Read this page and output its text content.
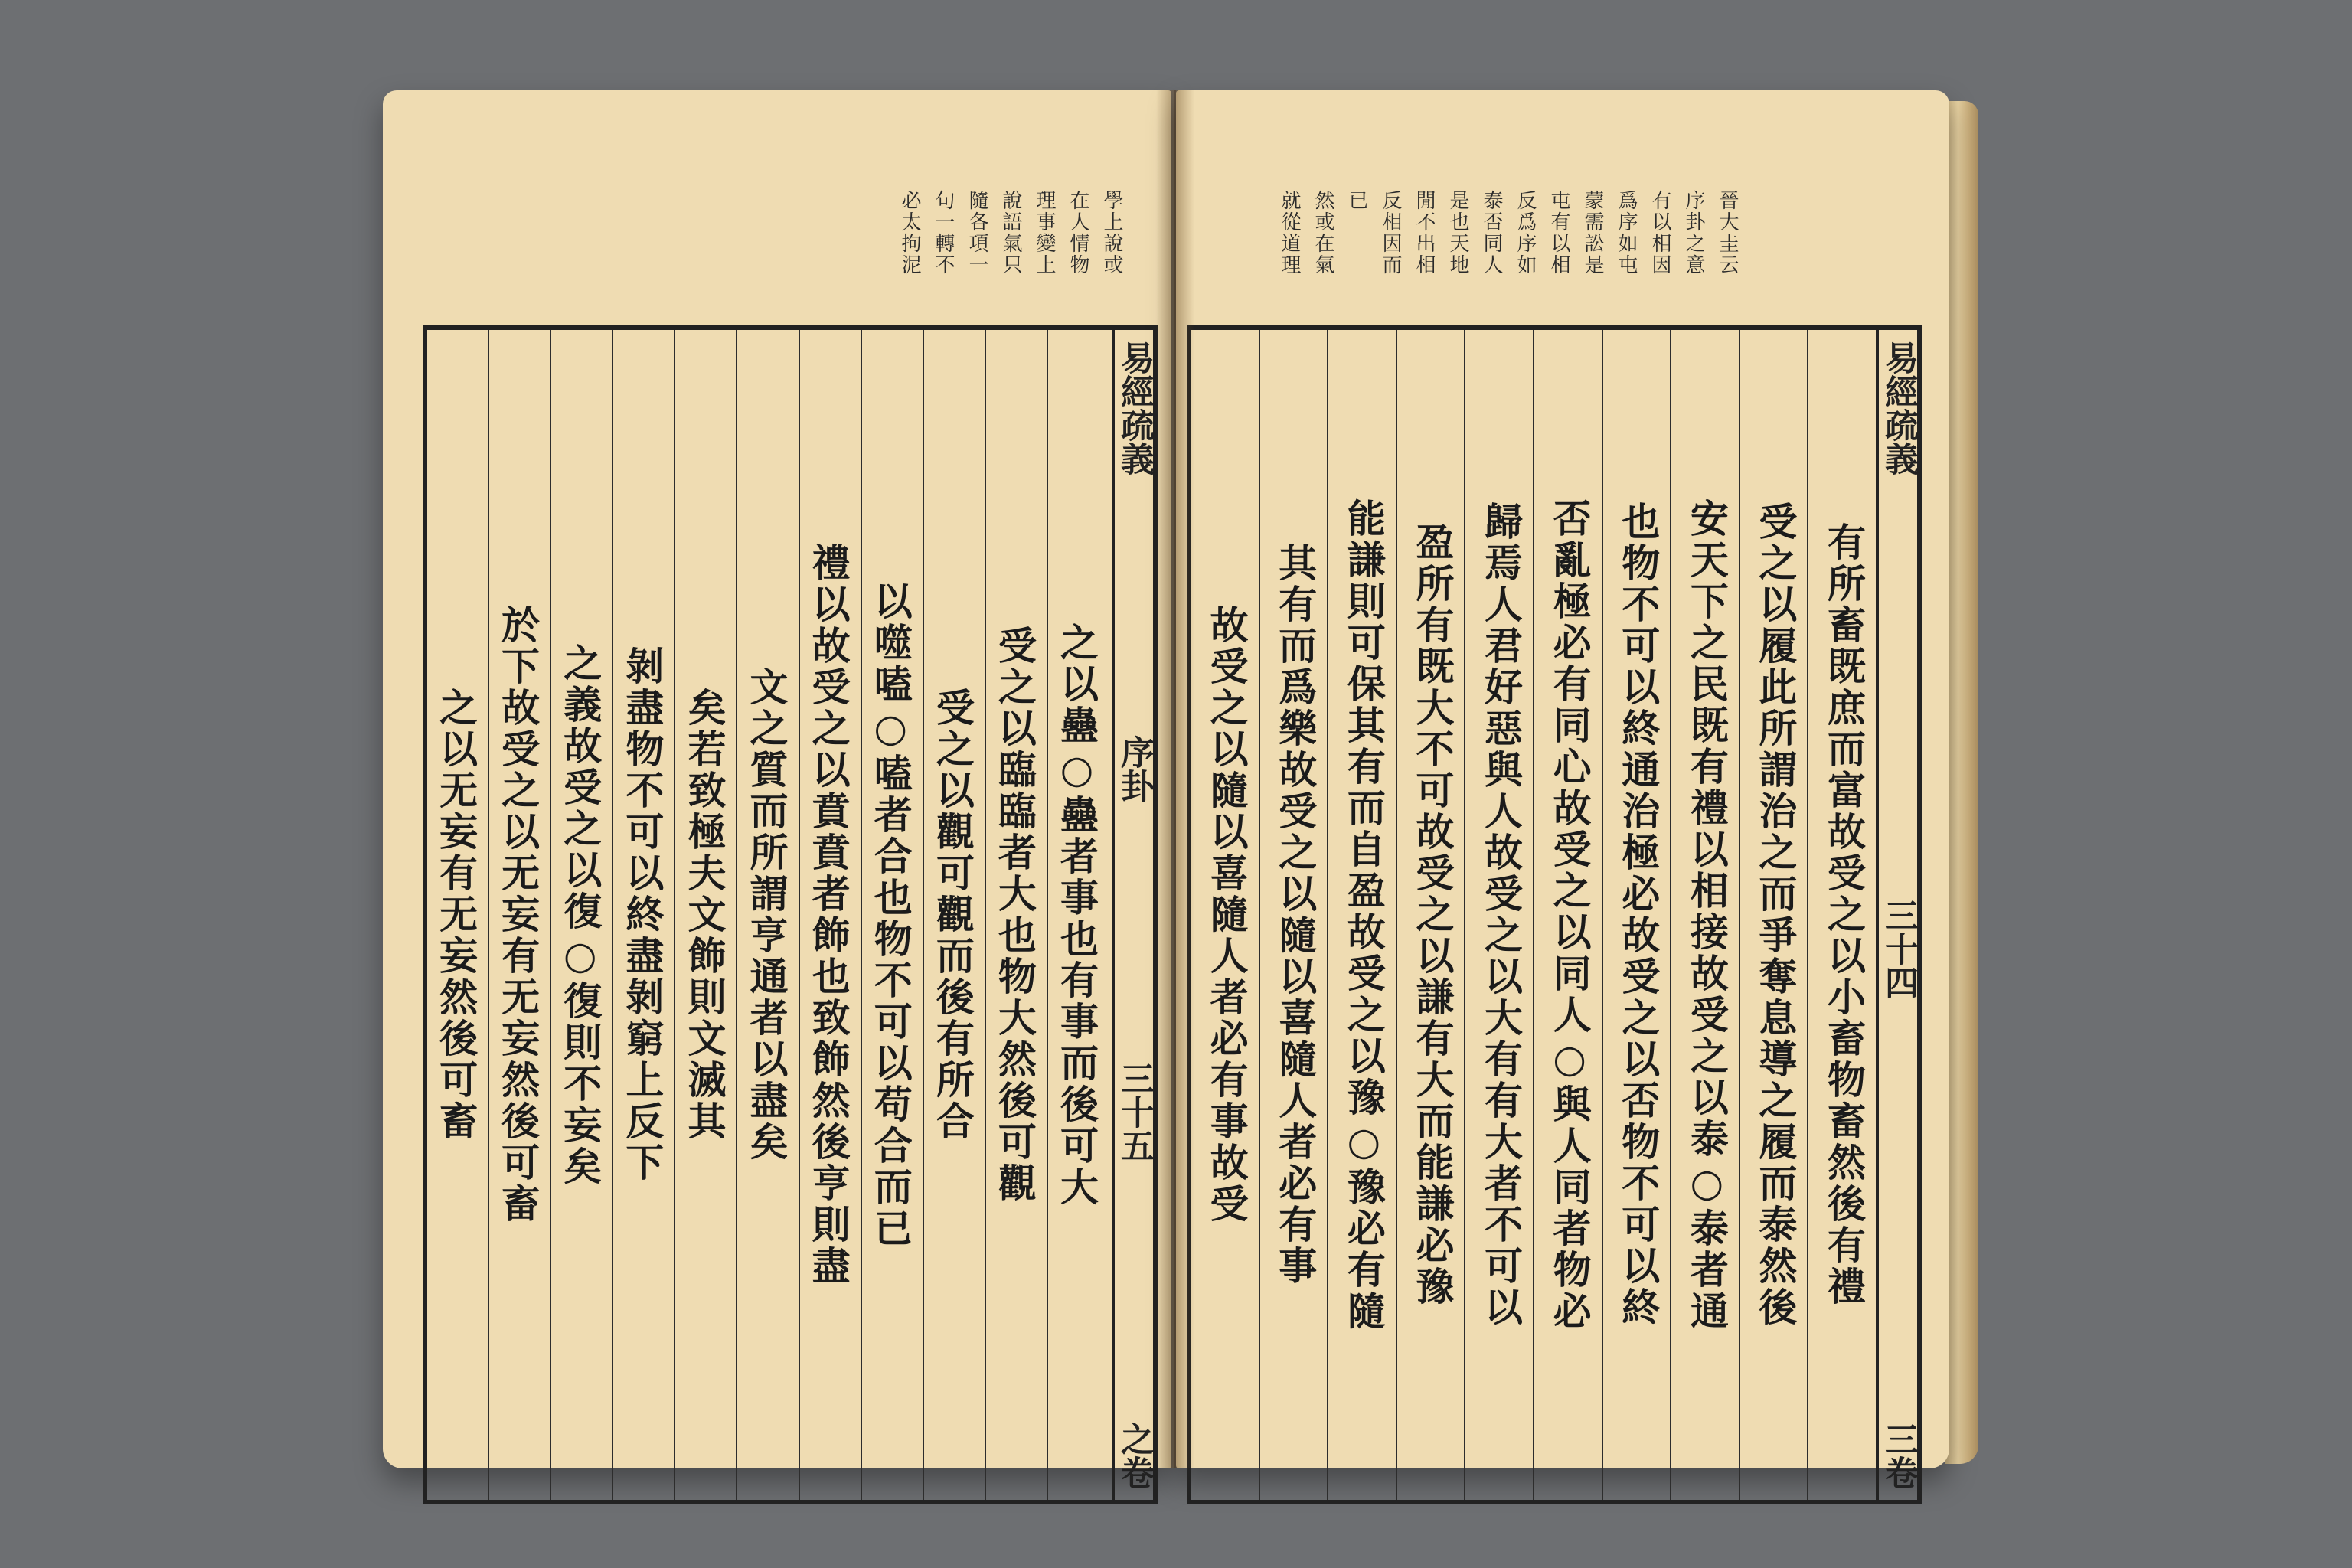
學上說或
在人情物
理事變上
說語氣只
隨各項一
句一轉不
必太拘泥
之以蠱○蠱者事也有事而後可大
受之以臨臨者大也物大然後可觀
受之以觀可觀而後有所合
以噬嗑○嗑者合也物不可以苟合而已
禮以故受之以賁賁者飾也致飾然後亨則盡
文之質而所謂亨通者以盡矣
矣若致極夫文飾則文滅其
剝盡物不可以終盡剝窮上反下
之義故受之以復○復則不妄矣
於下故受之以无妄有无妄然後可畜
之以无妄有无妄然後可畜
易經疏義
序卦
三十五
之卷
晉大圭云
序卦之意
有以相因
爲序如屯
蒙需訟是
屯有以相
反爲序如
泰否同人
是也天地
閒不出相
反相因而
已
然或在氣
就從道理
有所畜既庶而富故受之以小畜物畜然後有禮
受之以履此所謂治之而爭奪息導之履而泰然後
安天下之民既有禮以相接故受之以泰○泰者通
也物不可以終通治極必故受之以否物不可以終
否亂極必有同心故受之以同人○與人同者物必
歸焉人君好惡與人故受之以大有有大者不可以
盈所有既大不可故受之以謙有大而能謙必豫
能謙則可保其有而自盈故受之以豫○豫必有隨
其有而爲樂故受之以隨以喜隨人者必有事
故受之以隨以喜隨人者必有事故受
易經疏義
三十四
三卷
